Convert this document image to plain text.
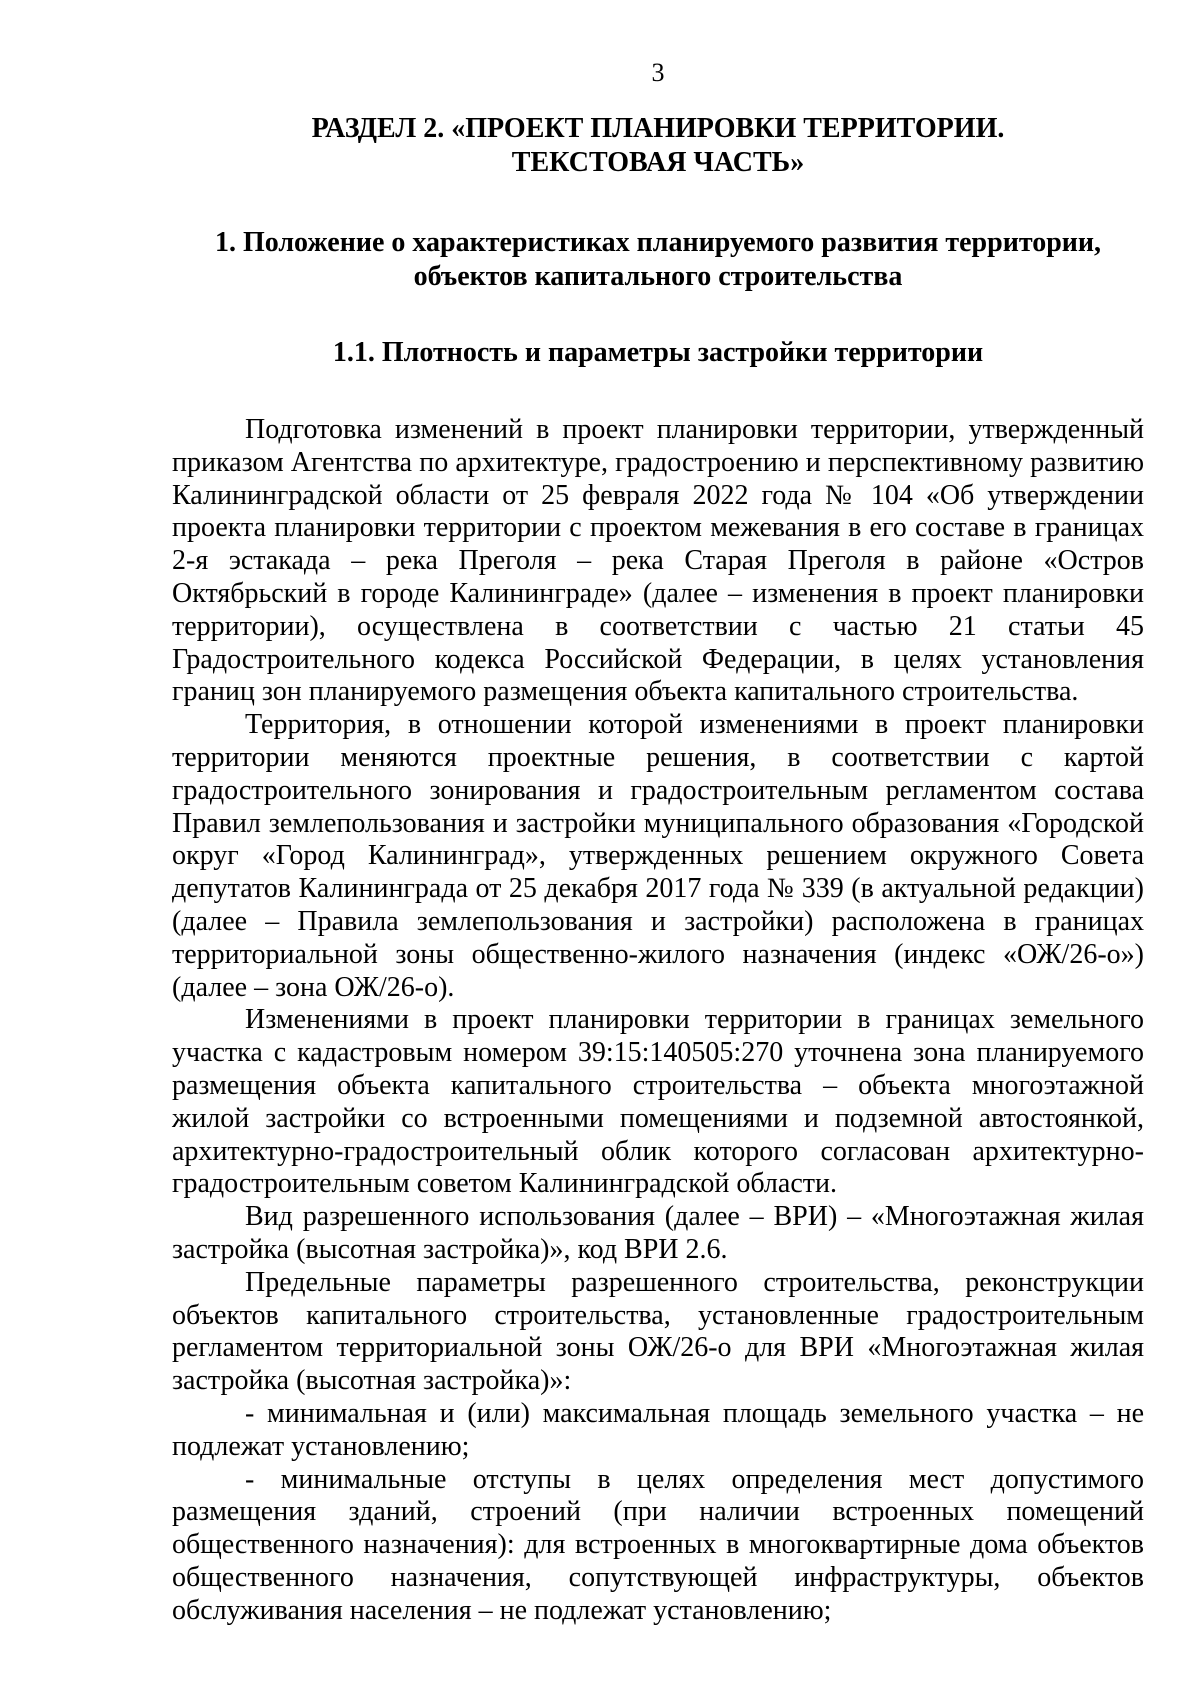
3

РАЗДЕЛ 2. «ПРОЕКТ ПЛАНИРОВКИ ТЕРРИТОРИИ.
ТЕКСТОВАЯ ЧАСТЬ»

1. Положение о характеристиках планируемого развития территории,
объектов капитального строительства

1.1. Плотность и параметры застройки территории

Подготовка изменений в проект планировки территории, утвержденный приказом Агентства по архитектуре, градостроению и перспективному развитию Калининградской области от 25 февраля 2022 года № 104 «Об утверждении проекта планировки территории с проектом межевания в его составе в границах 2-я эстакада – река Преголя – река Старая Преголя в районе «Остров Октябрьский в городе Калининграде» (далее – изменения в проект планировки территории), осуществлена в соответствии с частью 21 статьи 45 Градостроительного кодекса Российской Федерации, в целях установления границ зон планируемого размещения объекта капитального строительства.

Территория, в отношении которой изменениями в проект планировки территории меняются проектные решения, в соответствии с картой градостроительного зонирования и градостроительным регламентом состава Правил землепользования и застройки муниципального образования «Городской округ «Город Калининград», утвержденных решением окружного Совета депутатов Калининграда от 25 декабря 2017 года № 339 (в актуальной редакции) (далее – Правила землепользования и застройки) расположена в границах территориальной зоны общественно-жилого назначения (индекс «ОЖ/26-о») (далее – зона ОЖ/26-о).

Изменениями в проект планировки территории в границах земельного участка с кадастровым номером 39:15:140505:270 уточнена зона планируемого размещения объекта капитального строительства – объекта многоэтажной жилой застройки со встроенными помещениями и подземной автостоянкой, архитектурно-градостроительный облик которого согласован архитектурно-градостроительным советом Калининградской области.

Вид разрешенного использования (далее – ВРИ) – «Многоэтажная жилая застройка (высотная застройка)», код ВРИ 2.6.

Предельные параметры разрешенного строительства, реконструкции объектов капитального строительства, установленные градостроительным регламентом территориальной зоны ОЖ/26-о для ВРИ «Многоэтажная жилая застройка (высотная застройка)»:

- минимальная и (или) максимальная площадь земельного участка – не подлежат установлению;

- минимальные отступы в целях определения мест допустимого размещения зданий, строений (при наличии встроенных помещений общественного назначения): для встроенных в многоквартирные дома объектов общественного назначения, сопутствующей инфраструктуры, объектов обслуживания населения – не подлежат установлению;
